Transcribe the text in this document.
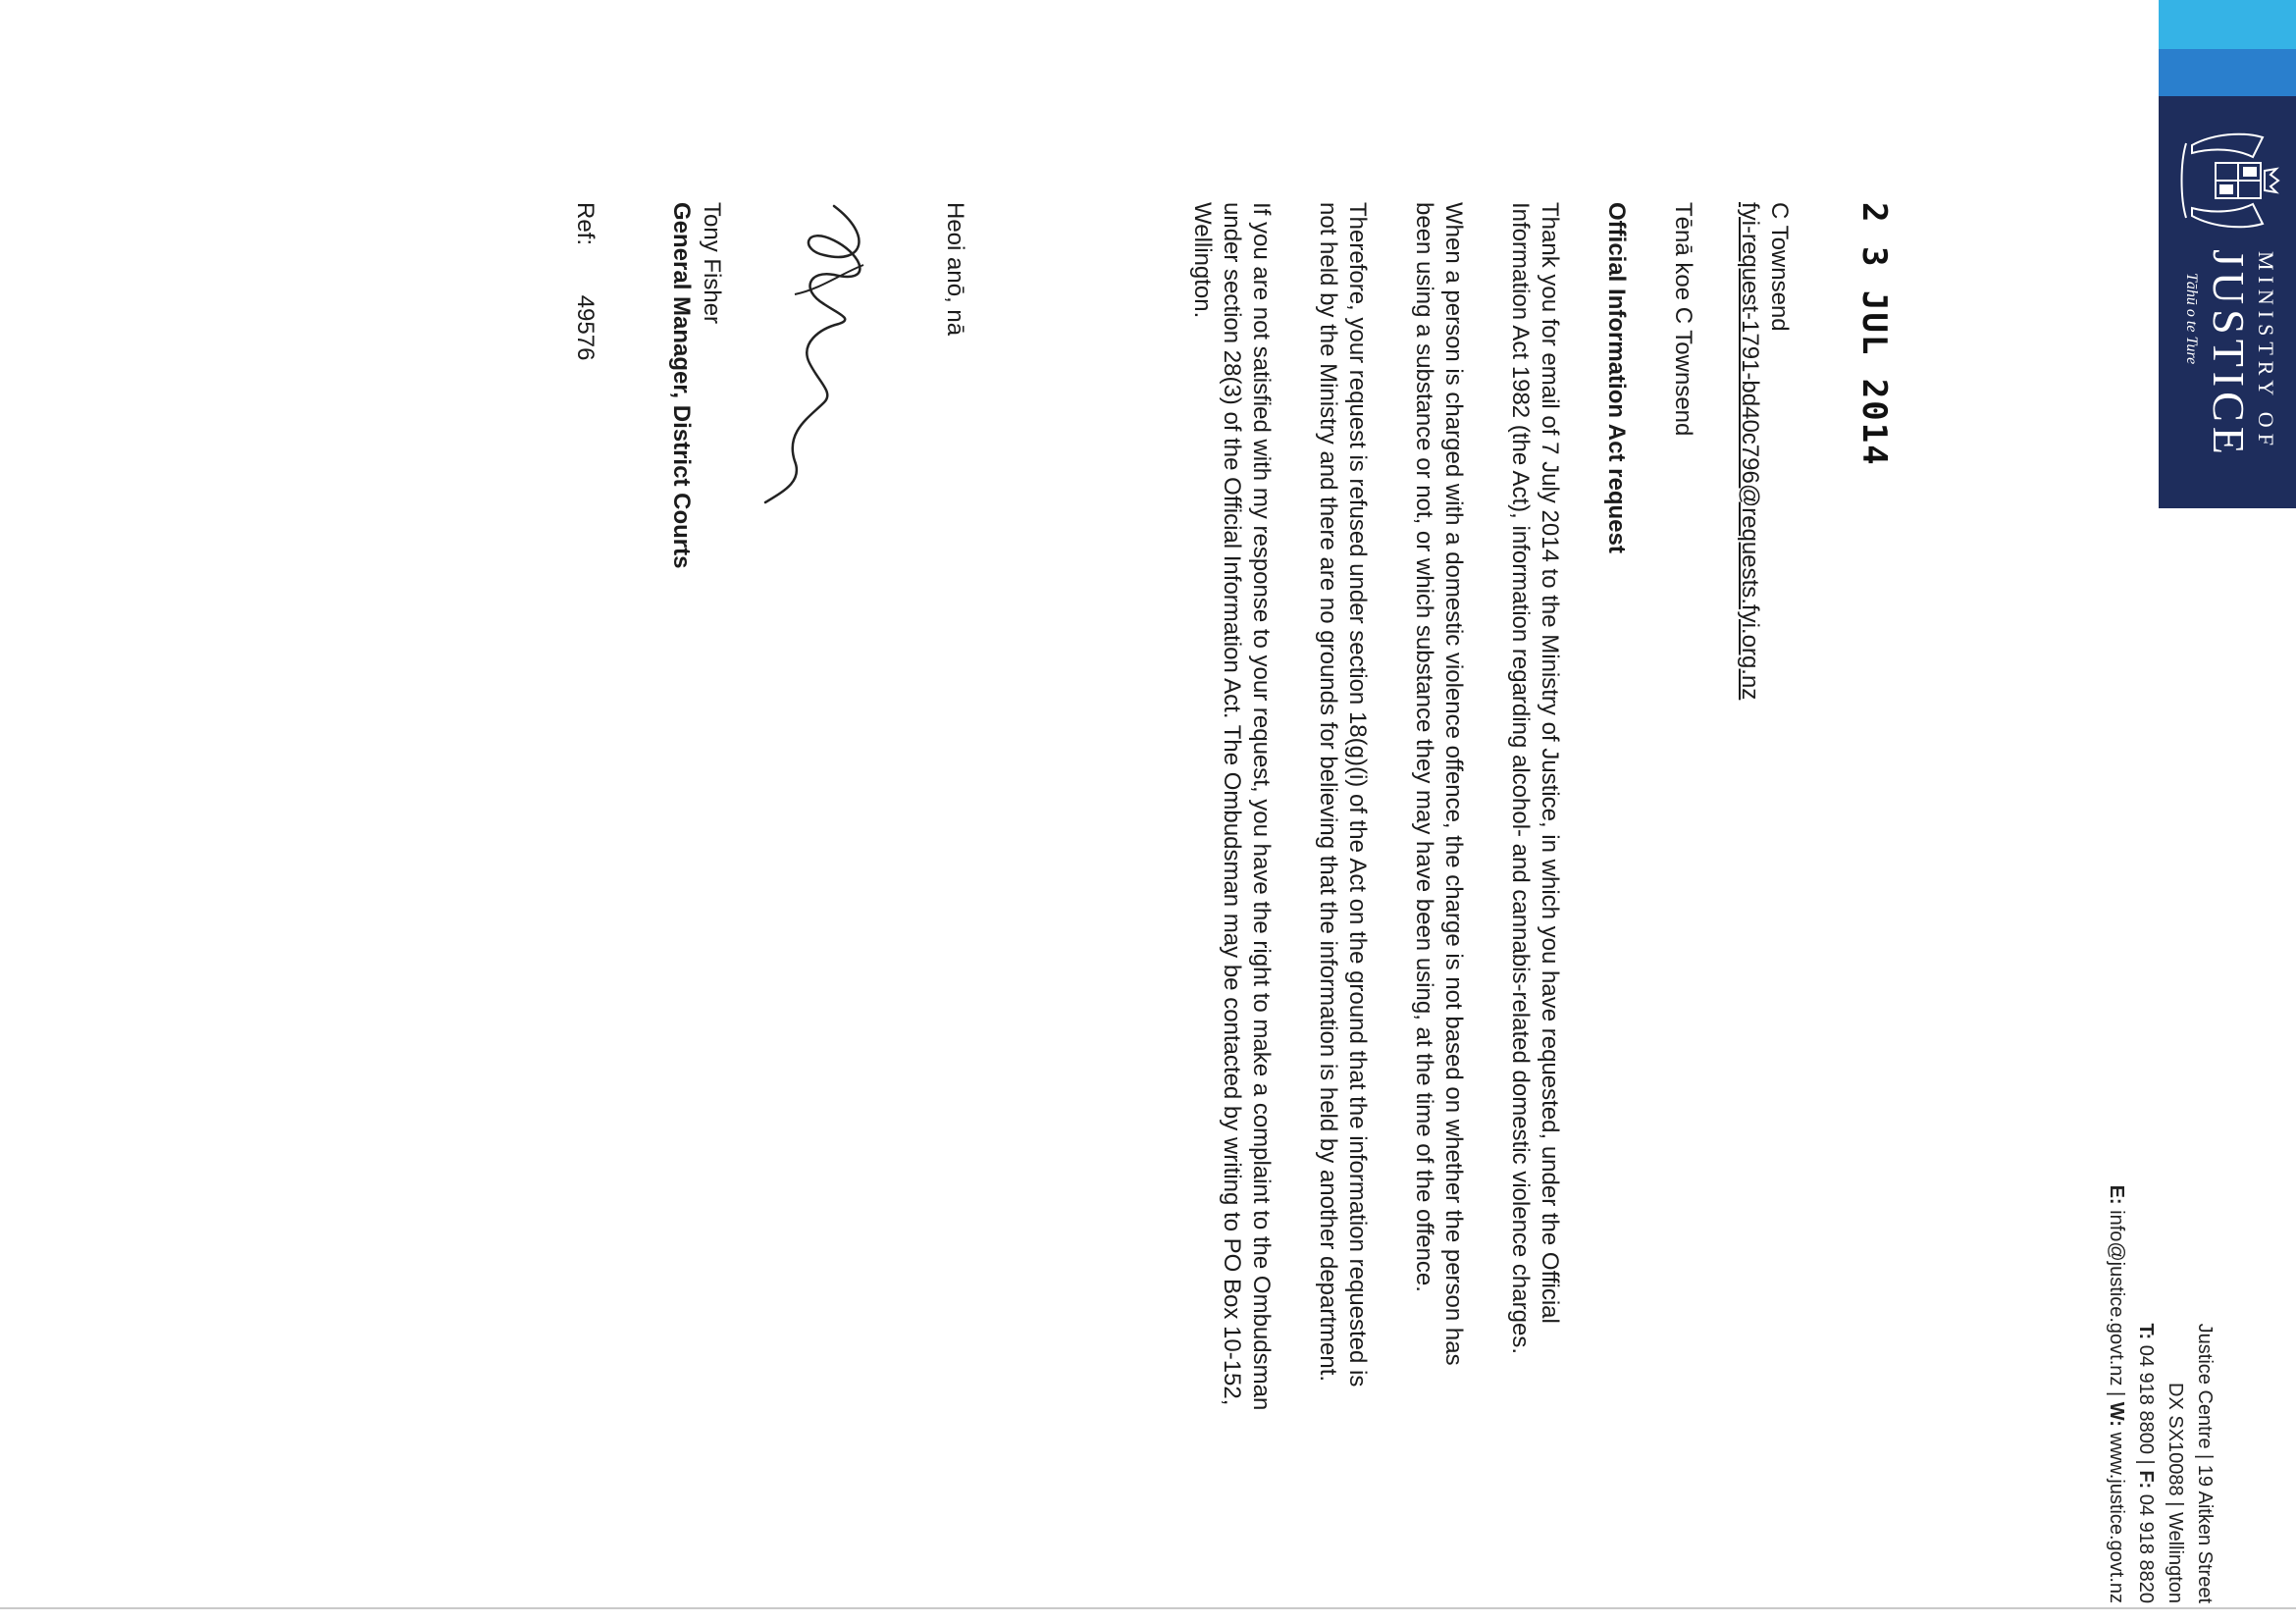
MINISTRY OF
JUSTICE
Tāhū o te Ture
Justice Centre | 19 Aitken Street
DX SX10088 | Wellington
T: 04 918 8800 | F: 04 918 8820
E: info@justice.govt.nz | W: www.justice.govt.nz
2 3 JUL 2014

C Townsend

fyi-request-1791-bd40c796@requests.fyi.org.nz

Tēnā koe C Townsend

Official Information Act request

Thank you for email of 7 July 2014 to the Ministry of Justice, in which you have requested, under the Official Information Act 1982 (the Act), information regarding alcohol- and cannabis-related domestic violence charges.

When a person is charged with a domestic violence offence, the charge is not based on whether the person has been using a substance or not, or which substance they may have been using, at the time of the offence.

Therefore, your request is refused under section 18(g)(i) of the Act on the ground that the information requested is not held by the Ministry and there are no grounds for believing that the information is held by another department.

If you are not satisfied with my response to your request, you have the right to make a complaint to the Ombudsman under section 28(3) of the Official Information Act. The Ombudsman may be contacted by writing to PO Box 10-152, Wellington.

Heoi anō, nā

Tony Fisher
General Manager, District Courts
Ref: 49576
